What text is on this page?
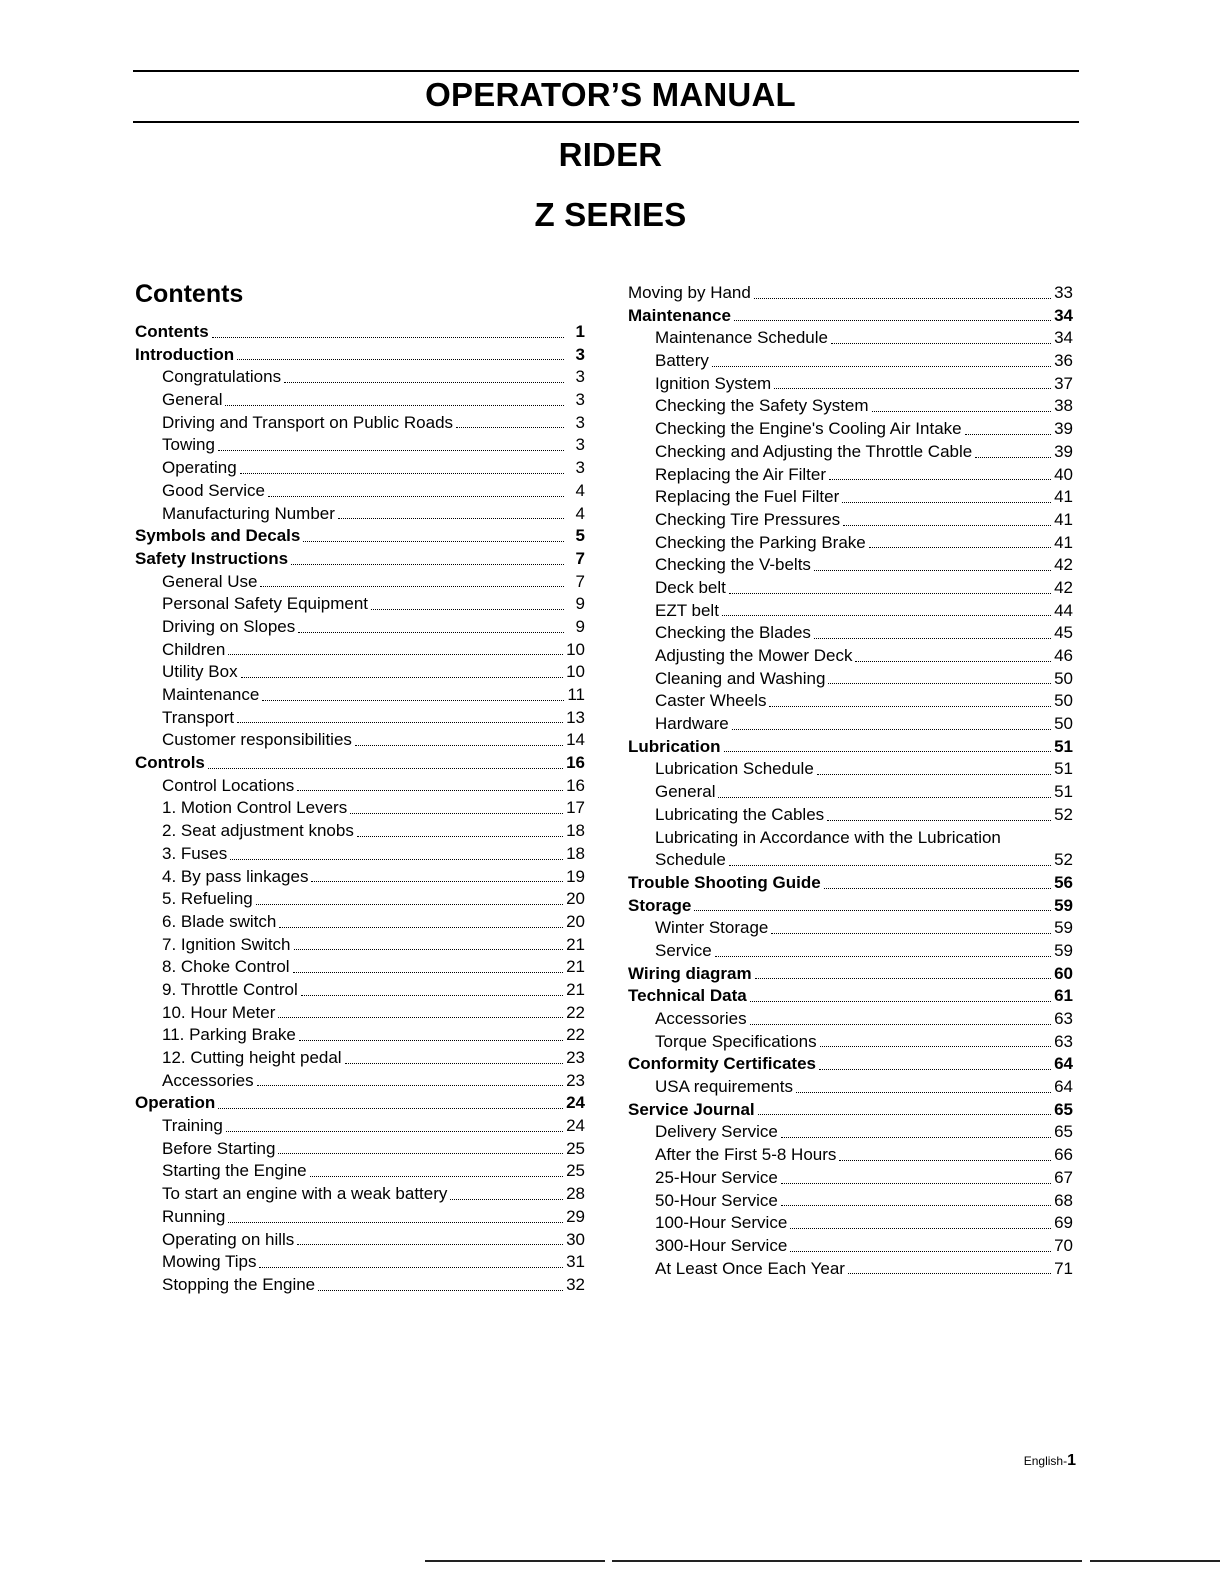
OPERATOR’S MANUAL
RIDER
Z SERIES
Contents
Contents	1
Introduction	3
Congratulations	3
General	3
Driving and Transport on Public Roads	3
Towing	3
Operating	3
Good Service	4
Manufacturing Number	4
Symbols and Decals	5
Safety Instructions	7
General Use	7
Personal Safety Equipment	9
Driving on Slopes	9
Children	10
Utility Box	10
Maintenance	11
Transport	13
Customer responsibilities	14
Controls	16
Control Locations	16
1. Motion Control Levers	17
2. Seat adjustment knobs	18
3. Fuses	18
4. By pass linkages	19
5. Refueling	20
6. Blade switch	20
7. Ignition Switch	21
8. Choke Control	21
9. Throttle Control	21
10. Hour Meter	22
11. Parking Brake	22
12. Cutting height pedal	23
Accessories	23
Operation	24
Training	24
Before Starting	25
Starting the Engine	25
To start an engine with a weak battery	28
Running	29
Operating on hills	30
Mowing Tips	31
Stopping the Engine	32
Moving by Hand	33
Maintenance	34
Maintenance Schedule	34
Battery	36
Ignition System	37
Checking the Safety System	38
Checking the Engine's Cooling Air Intake	39
Checking and Adjusting the Throttle Cable	39
Replacing the Air Filter	40
Replacing the Fuel Filter	41
Checking Tire Pressures	41
Checking the Parking Brake	41
Checking the V-belts	42
Deck belt	42
EZT belt	44
Checking the Blades	45
Adjusting the Mower Deck	46
Cleaning and Washing	50
Caster Wheels	50
Hardware	50
Lubrication	51
Lubrication Schedule	51
General	51
Lubricating the Cables	52
Lubricating in Accordance with the Lubrication
Schedule	52
Trouble Shooting Guide	56
Storage	59
Winter Storage	59
Service	59
Wiring diagram	60
Technical Data	61
Accessories	63
Torque Specifications	63
Conformity Certificates	64
USA requirements	64
Service Journal	65
Delivery Service	65
After the First 5-8 Hours	66
25-Hour Service	67
50-Hour Service	68
100-Hour Service	69
300-Hour Service	70
At Least Once Each Year	71
English-1
